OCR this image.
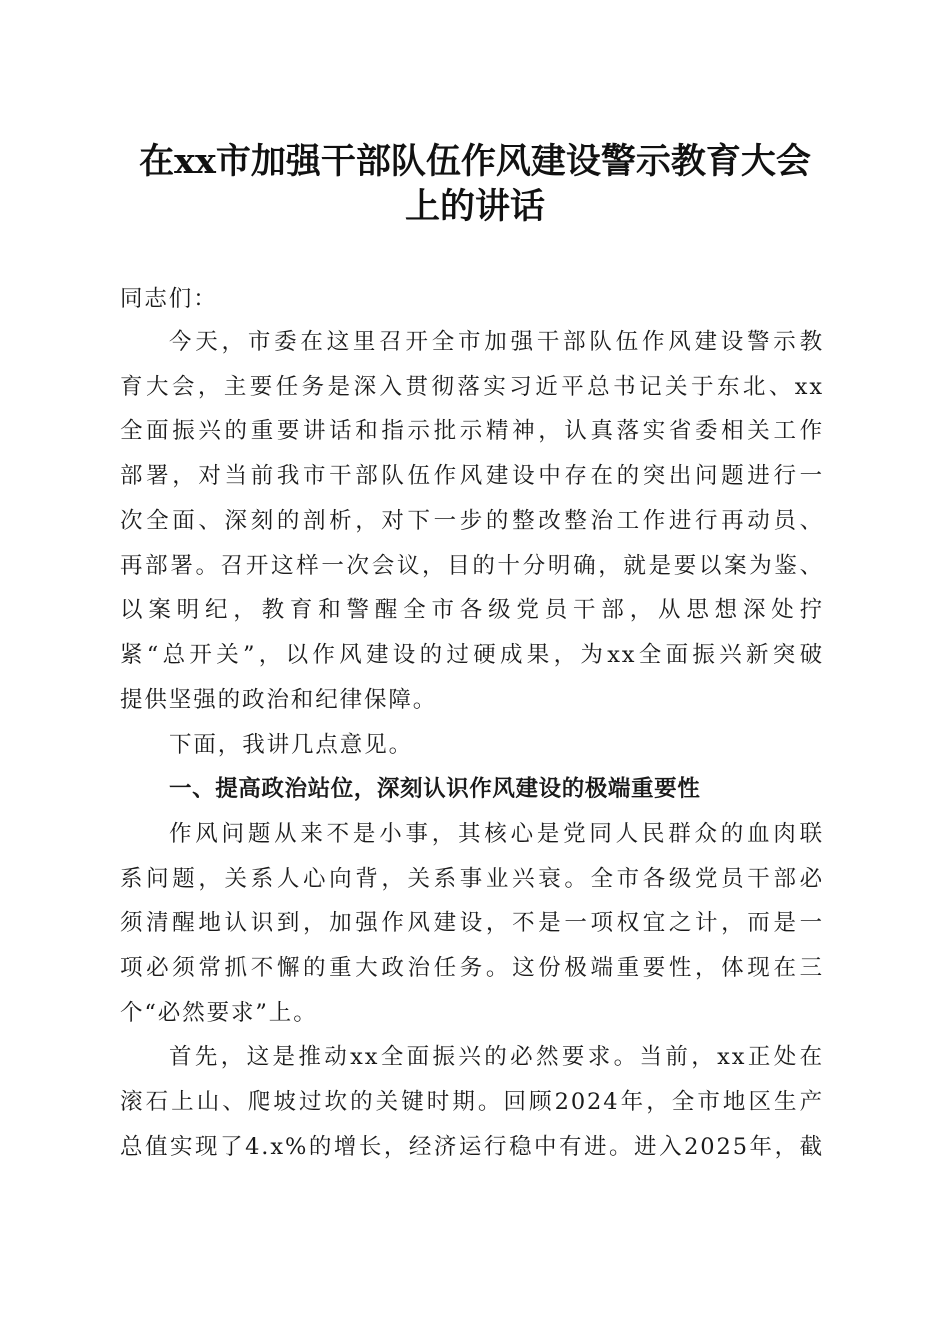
在xx市加强干部队伍作风建设警示教育大会
上的讲话

同志们：

今天，市委在这里召开全市加强干部队伍作风建设警示教

育大会，主要任务是深入贯彻落实习近平总书记关于东北、xx

全面振兴的重要讲话和指示批示精神，认真落实省委相关工作

部署，对当前我市干部队伍作风建设中存在的突出问题进行一

次全面、深刻的剖析，对下一步的整改整治工作进行再动员、

再部署。召开这样一次会议，目的十分明确，就是要以案为鉴、

以案明纪，教育和警醒全市各级党员干部，从思想深处拧

紧“总开关”，以作风建设的过硬成果，为xx全面振兴新突破

提供坚强的政治和纪律保障。

下面，我讲几点意见。

一、提高政治站位，深刻认识作风建设的极端重要性

作风问题从来不是小事，其核心是党同人民群众的血肉联

系问题，关系人心向背，关系事业兴衰。全市各级党员干部必

须清醒地认识到，加强作风建设，不是一项权宜之计，而是一

项必须常抓不懈的重大政治任务。这份极端重要性，体现在三

个“必然要求”上。

首先，这是推动xx全面振兴的必然要求。当前，xx正处在

滚石上山、爬坡过坎的关键时期。回顾2024年，全市地区生产

总值实现了4.x%的增长，经济运行稳中有进。进入2025年，截
